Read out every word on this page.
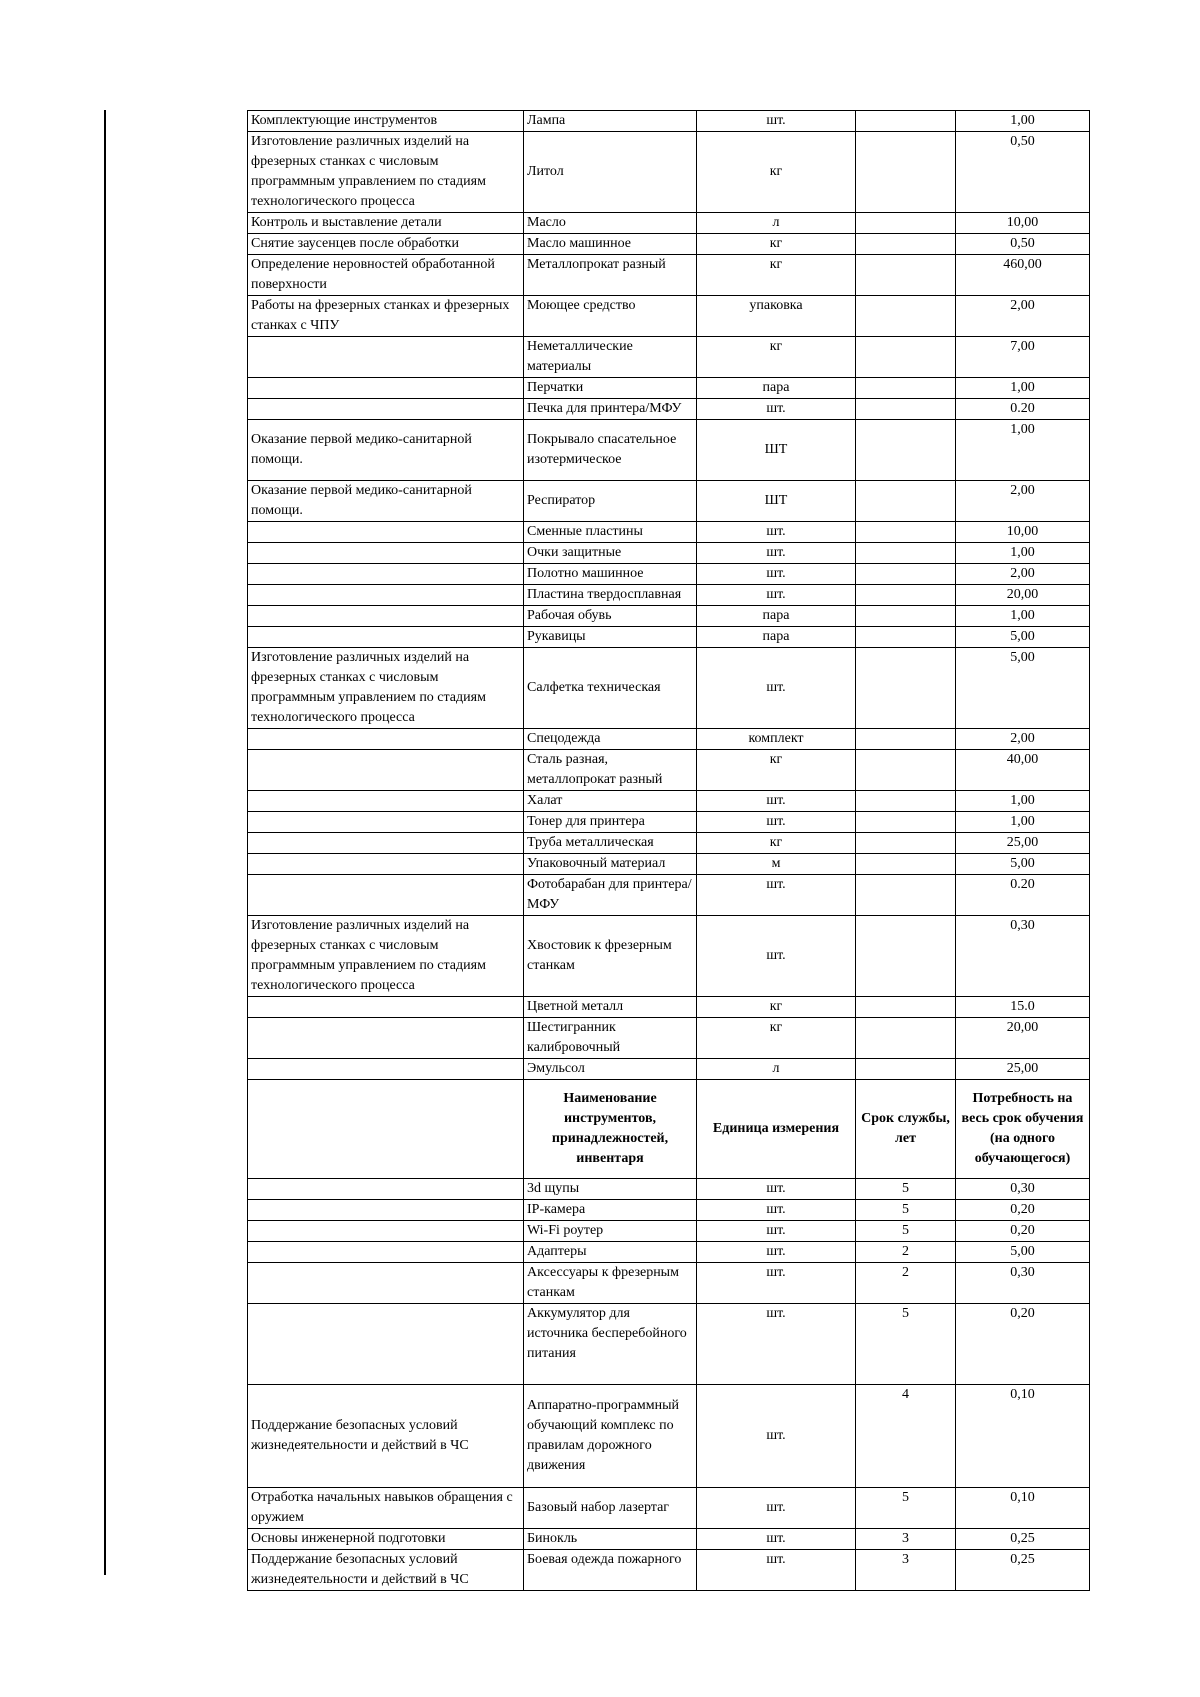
Комплектующие инструментов	Лампа	шт.		1,00
Изготовление различных изделий на фрезерных станках с числовым программным управлением по стадиям технологического процесса	Литол	кг		0,50
Контроль и выставление детали	Масло	л		10,00
Снятие заусенцев после обработки	Масло машинное	кг		0,50
Определение неровностей обработанной поверхности	Металлопрокат разный	кг		460,00
Работы на фрезерных станках и фрезерных станках с ЧПУ	Моющее средство	упаковка		2,00
	Неметаллические материалы	кг		7,00
	Перчатки	пара		1,00
	Печка для принтера/МФУ	шт.		0.20
Оказание первой медико-санитарной помощи.	Покрывало спасательное изотермическое	ШТ		1,00
Оказание первой медико-санитарной помощи.	Респиратор	ШТ		2,00
	Сменные пластины	шт.		10,00
	Очки защитные	шт.		1,00
	Полотно машинное	шт.		2,00
	Пластина твердосплавная	шт.		20,00
	Рабочая обувь	пара		1,00
	Рукавицы	пара		5,00
Изготовление различных изделий на фрезерных станках с числовым программным управлением по стадиям технологического процесса	Салфетка техническая	шт.		5,00
	Спецодежда	комплект		2,00
	Сталь разная, металлопрокат разный	кг		40,00
	Халат	шт.		1,00
	Тонер для принтера	шт.		1,00
	Труба металлическая	кг		25,00
	Упаковочный материал	м		5,00
	Фотобарабан для принтера/МФУ	шт.		0.20
Изготовление различных изделий на фрезерных станках с числовым программным управлением по стадиям технологического процесса	Хвостовик к фрезерным станкам	шт.		0,30
	Цветной металл	кг		15.0
	Шестигранник калибровочный	кг		20,00
	Эмульсол	л		25,00
	Наименование инструментов, принадлежностей, инвентаря	Единица измерения	Срок службы, лет	Потребность на весь срок обучения (на одного обучающегося)
	3d щупы	шт.	5	0,30
	IP-камера	шт.	5	0,20
	Wi-Fi роутер	шт.	5	0,20
	Адаптеры	шт.	2	5,00
	Аксессуары к фрезерным станкам	шт.	2	0,30
	Аккумулятор для источника бесперебойного питания	шт.	5	0,20
Поддержание безопасных условий жизнедеятельности и действий в ЧС	Аппаратно-программный обучающий комплекс по правилам дорожного движения	шт.	4	0,10
Отработка начальных навыков обращения с оружием	Базовый набор лазертаг	шт.	5	0,10
Основы инженерной подготовки	Бинокль	шт.	3	0,25
Поддержание безопасных условий жизнедеятельности и действий в ЧС	Боевая одежда пожарного	шт.	3	0,25
